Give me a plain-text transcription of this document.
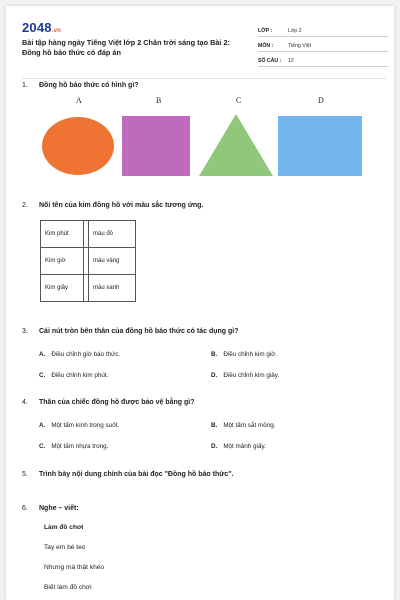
2048.vn
Bài tập hàng ngày Tiếng Việt lớp 2 Chân trời sáng tạo Bài 2: Đồng hồ báo thức có đáp án
LỚP :	Lớp 2
MÔN :	Tiếng Việt
SỐ CÂU :	12
1.	Đồng hồ báo thức có hình gì?
A	B	C	D
2.	Nối tên của kim đồng hồ với màu sắc tương ứng.
Kim phút		màu đỏ
Kim giờ		màu vàng
Kim giây		màu xanh
3.	Cái nút tròn bên thân của đồng hồ báo thức có tác dụng gì?
A. Điều chỉnh giờ báo thức.	B. Điều chỉnh kim giờ.
C. Điều chỉnh kim phút.	D. Điều chỉnh kim giây.
4.	Thân của chiếc đồng hồ được bảo vệ bằng gì?
A. Một tấm kính trong suốt.	B. Một tấm sắt mỏng.
C. Một tấm nhựa trong.	D. Một mảnh giấy.
5.	Trình bày nội dung chính của bài đọc "Đồng hồ báo thức".
6.	Nghe – viết:
Làm đồ chơi
Tay em bé teo
Nhưng mà thật khéo
Biết làm đồ chơi
